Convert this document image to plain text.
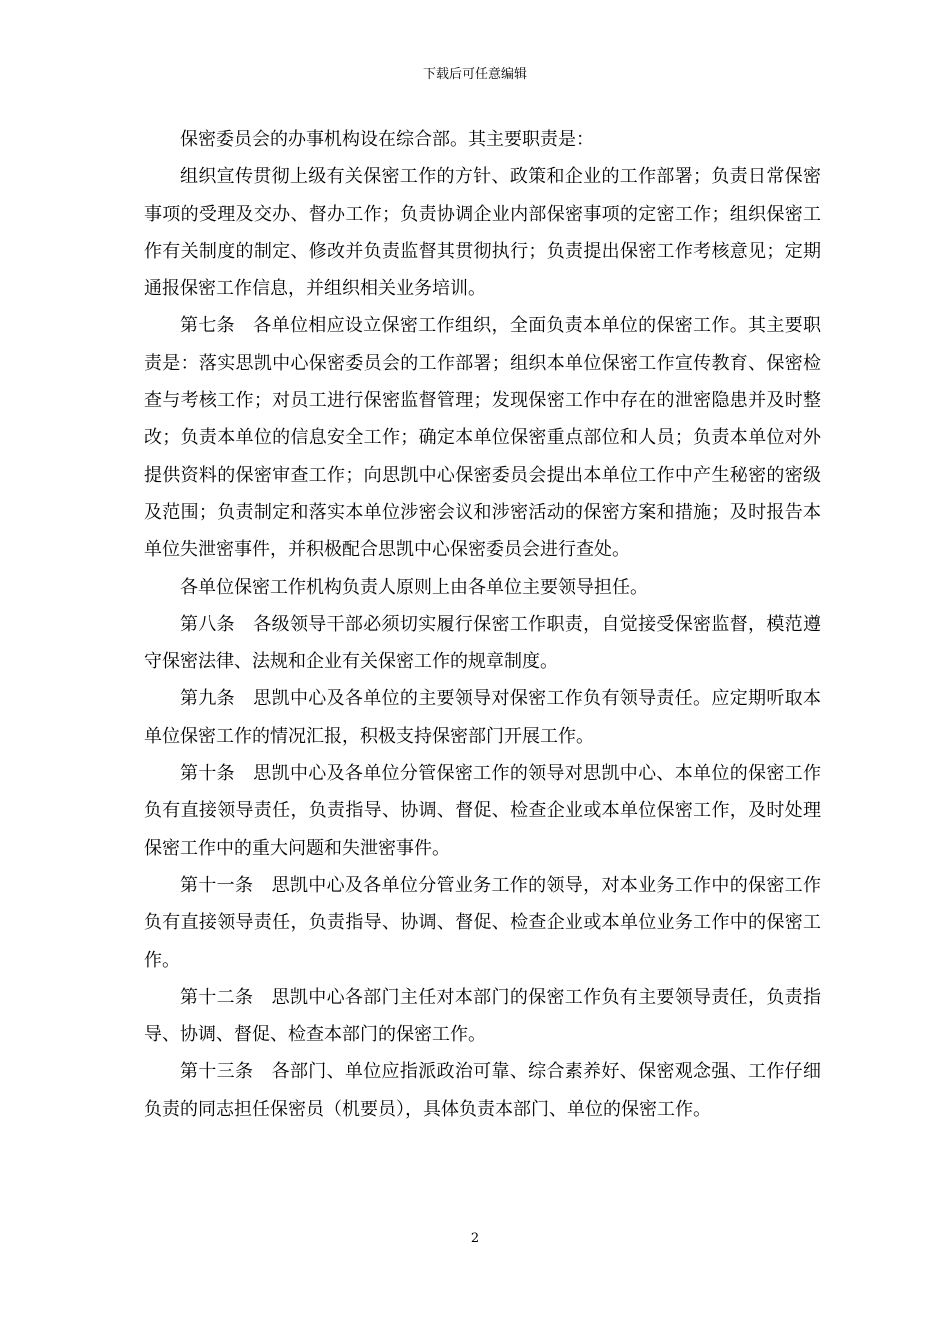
下载后可任意编辑

保密委员会的办事机构设在综合部。其主要职责是：

组织宣传贯彻上级有关保密工作的方针、政策和企业的工作部署；负责日常保密事项的受理及交办、督办工作；负责协调企业内部保密事项的定密工作；组织保密工作有关制度的制定、修改并负责监督其贯彻执行；负责提出保密工作考核意见；定期通报保密工作信息，并组织相关业务培训。

第七条　各单位相应设立保密工作组织，全面负责本单位的保密工作。其主要职责是：落实思凯中心保密委员会的工作部署；组织本单位保密工作宣传教育、保密检查与考核工作；对员工进行保密监督管理；发现保密工作中存在的泄密隐患并及时整改；负责本单位的信息安全工作；确定本单位保密重点部位和人员；负责本单位对外提供资料的保密审查工作；向思凯中心保密委员会提出本单位工作中产生秘密的密级及范围；负责制定和落实本单位涉密会议和涉密活动的保密方案和措施；及时报告本单位失泄密事件，并积极配合思凯中心保密委员会进行查处。

各单位保密工作机构负责人原则上由各单位主要领导担任。

第八条　各级领导干部必须切实履行保密工作职责，自觉接受保密监督，模范遵守保密法律、法规和企业有关保密工作的规章制度。

第九条　思凯中心及各单位的主要领导对保密工作负有领导责任。应定期听取本单位保密工作的情况汇报，积极支持保密部门开展工作。

第十条　思凯中心及各单位分管保密工作的领导对思凯中心、本单位的保密工作负有直接领导责任，负责指导、协调、督促、检查企业或本单位保密工作，及时处理保密工作中的重大问题和失泄密事件。

第十一条　思凯中心及各单位分管业务工作的领导，对本业务工作中的保密工作负有直接领导责任，负责指导、协调、督促、检查企业或本单位业务工作中的保密工作。

第十二条　思凯中心各部门主任对本部门的保密工作负有主要领导责任，负责指导、协调、督促、检查本部门的保密工作。

第十三条　各部门、单位应指派政治可靠、综合素养好、保密观念强、工作仔细负责的同志担任保密员（机要员），具体负责本部门、单位的保密工作。

2
